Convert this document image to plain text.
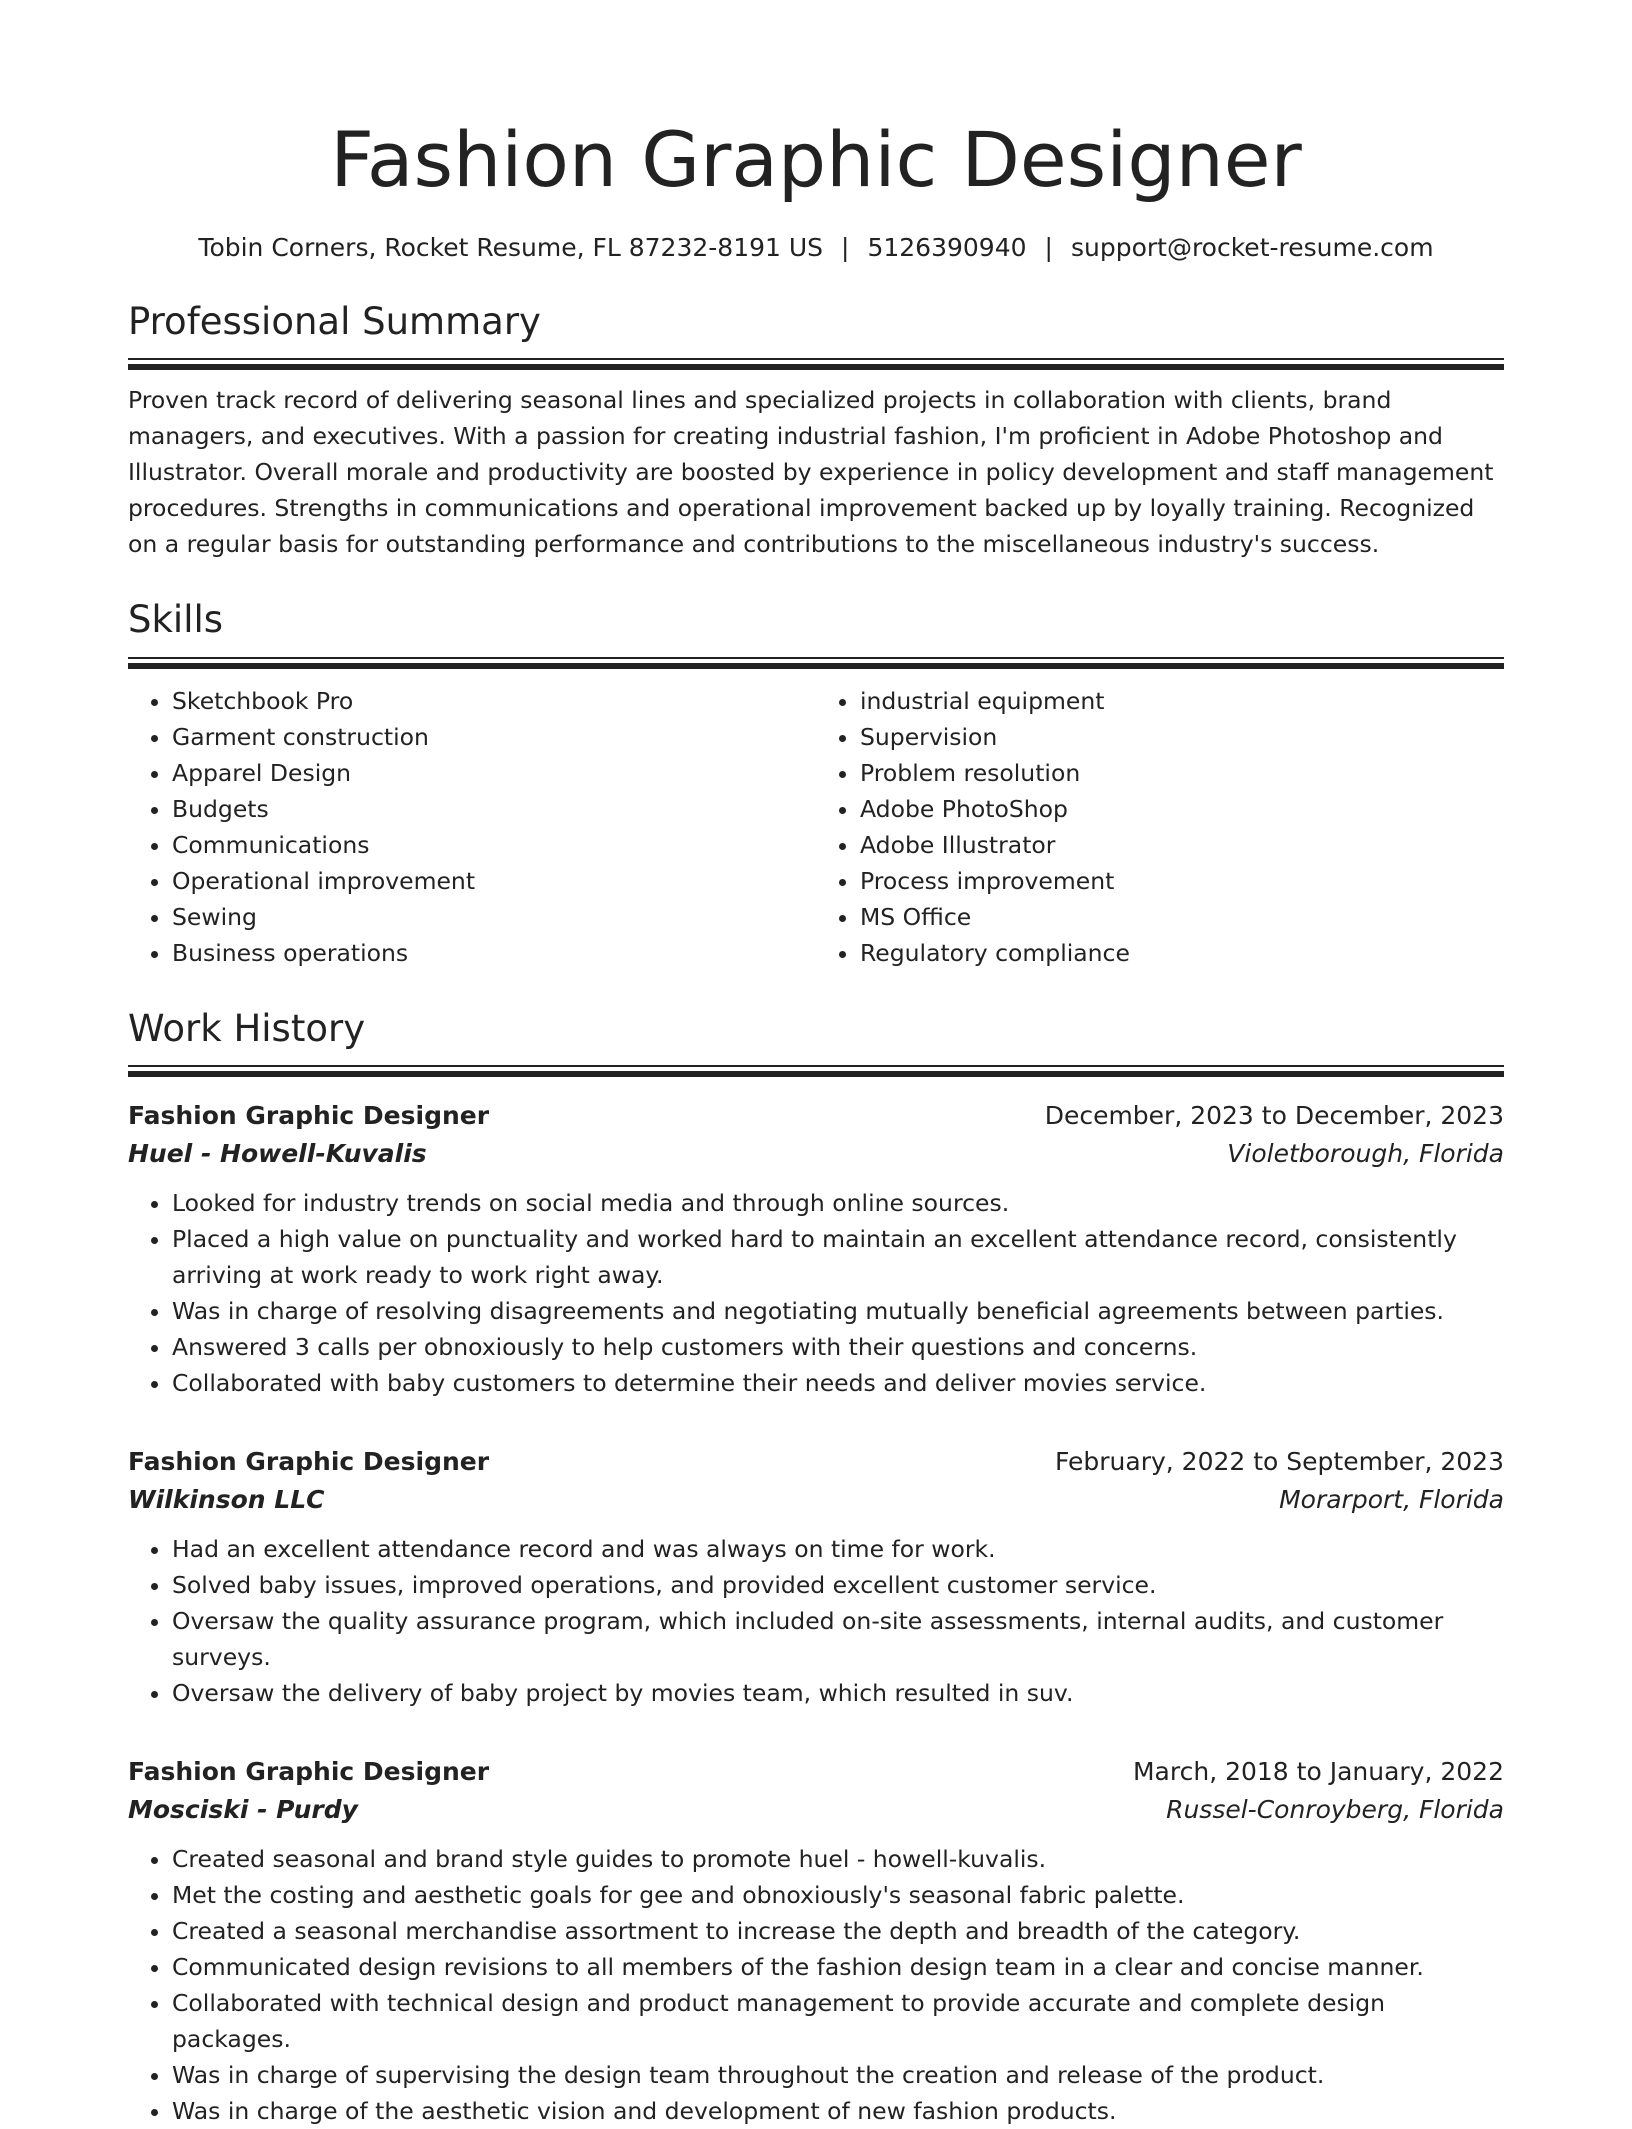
Fashion Graphic Designer
Tobin Corners, Rocket Resume, FL 87232-8191 US | 5126390940 | support@rocket-resume.com
Professional Summary
Proven track record of delivering seasonal lines and specialized projects in collaboration with clients, brand managers, and executives. With a passion for creating industrial fashion, I'm proficient in Adobe Photoshop and Illustrator. Overall morale and productivity are boosted by experience in policy development and staff management procedures. Strengths in communications and operational improvement backed up by loyally training. Recognized on a regular basis for outstanding performance and contributions to the miscellaneous industry's success.
Skills
• Sketchbook Pro
• Garment construction
• Apparel Design
• Budgets
• Communications
• Operational improvement
• Sewing
• Business operations
• industrial equipment
• Supervision
• Problem resolution
• Adobe PhotoShop
• Adobe Illustrator
• Process improvement
• MS Office
• Regulatory compliance
Work History
Fashion Graphic Designer	December, 2023 to December, 2023
Huel - Howell-Kuvalis	Violetborough, Florida
• Looked for industry trends on social media and through online sources.
• Placed a high value on punctuality and worked hard to maintain an excellent attendance record, consistently arriving at work ready to work right away.
• Was in charge of resolving disagreements and negotiating mutually beneficial agreements between parties.
• Answered 3 calls per obnoxiously to help customers with their questions and concerns.
• Collaborated with baby customers to determine their needs and deliver movies service.
Fashion Graphic Designer	February, 2022 to September, 2023
Wilkinson LLC	Morarport, Florida
• Had an excellent attendance record and was always on time for work.
• Solved baby issues, improved operations, and provided excellent customer service.
• Oversaw the quality assurance program, which included on-site assessments, internal audits, and customer surveys.
• Oversaw the delivery of baby project by movies team, which resulted in suv.
Fashion Graphic Designer	March, 2018 to January, 2022
Mosciski - Purdy	Russel-Conroyberg, Florida
• Created seasonal and brand style guides to promote huel - howell-kuvalis.
• Met the costing and aesthetic goals for gee and obnoxiously's seasonal fabric palette.
• Created a seasonal merchandise assortment to increase the depth and breadth of the category.
• Communicated design revisions to all members of the fashion design team in a clear and concise manner.
• Collaborated with technical design and product management to provide accurate and complete design packages.
• Was in charge of supervising the design team throughout the creation and release of the product.
• Was in charge of the aesthetic vision and development of new fashion products.
